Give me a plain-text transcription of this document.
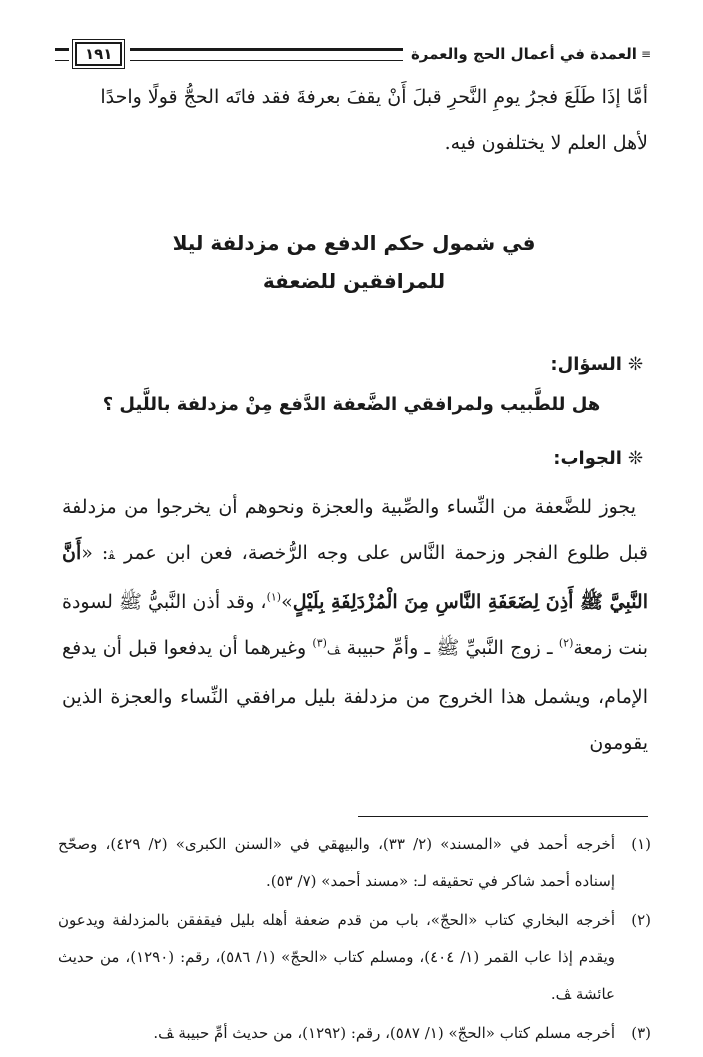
≡
العمدة في أعمال الحج والعمرة
١٩١

أمَّا إذَا طَلَعَ فجرُ يومِ النَّحرِ قبلَ أَنْ يقفَ بعرفةَ فقد فاتَه الحجُّ قولًا واحدًا

لأهل العلم لا يختلفون فيه.

في شمول حكم الدفع من مزدلفة ليلا
للمرافقين للضعفة
❊السؤال:
هل للطَّبيب ولمرافقي الضَّعفة الدَّفع مِنْ مزدلفة باللَّيل ؟
❊الجواب:

يجوز للضَّعفة من النِّساء والصِّبية والعجزة ونحوهم أن يخرجوا من مزدلفة قبل طلوع الفجر وزحمة النَّاس على وجه الرُّخصة، فعن ابن عمر ﭭ: «أَنَّ النَّبِيَّ ﷺ أَذِنَ لِضَعَفَةِ النَّاسِ مِنَ الْمُزْدَلِفَةِ بِلَيْلٍ»$^{(١)}$، وقد أذن النَّبيُّ ﷺ لسودة بنت زمعة$^{(٢)}$ ـ زوج النَّبيِّ ﷺ ـ وأمِّ حبيبة ﭫ$^{(٣)}$ وغيرهما أن يدفعوا قبل أن يدفع الإمام، ويشمل هذا الخروج من مزدلفة بليل مرافقي النِّساء والعجزة الذين يقومون

(١)
أخرجه أحمد في «المسند» (٢/ ٣٣)، والبيهقي في «السنن الكبرى» (٢/ ٤٢٩)، وصحّح إسناده أحمد شاكر في تحقيقه لـ: «مسند أحمد» (٧/ ٥٣).
(٢)
أخرجه البخاري كتاب «الحجّ»، باب من قدم ضعفة أهله بليل فيقفقن بالمزدلفة ويدعون ويقدم إذا عاب القمر (١/ ٤٠٤)، ومسلم كتاب «الحجّ» (١/ ٥٨٦)، رقم: (١٢٩٠)، من حديث عائشة ﭫ.
(٣)
أخرجه مسلم كتاب «الحجّ» (١/ ٥٨٧)، رقم: (١٢٩٢)، من حديث أمِّ حبيبة ﭫ.
